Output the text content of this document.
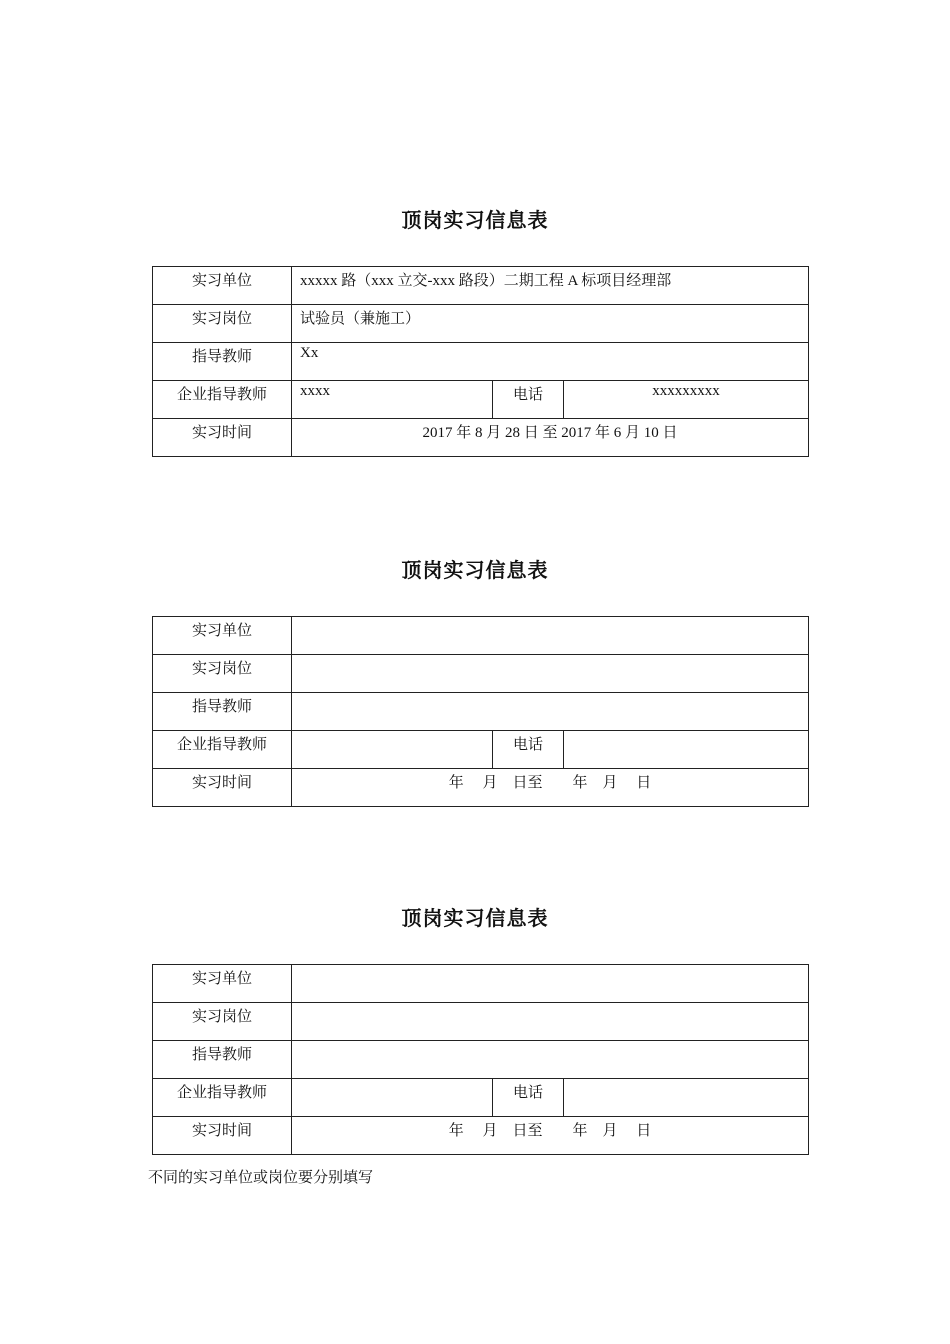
顶岗实习信息表
实习单位	xxxxx 路（xxx 立交-xxx 路段）二期工程 A 标项目经理部		
实习岗位	试验员（兼施工）		
指导教师	Xx		
企业指导教师	xxxx	电话	xxxxxxxxx
实习时间	2017 年 8 月 28 日 至 2017 年 6 月 10 日		
顶岗实习信息表
实习单位			
实习岗位			
指导教师			
企业指导教师		电话	
实习时间	年　 月　日至　　年　月　 日		
顶岗实习信息表
实习单位			
实习岗位			
指导教师			
企业指导教师		电话	
实习时间	年　 月　日至　　年　月　 日		
不同的实习单位或岗位要分别填写
